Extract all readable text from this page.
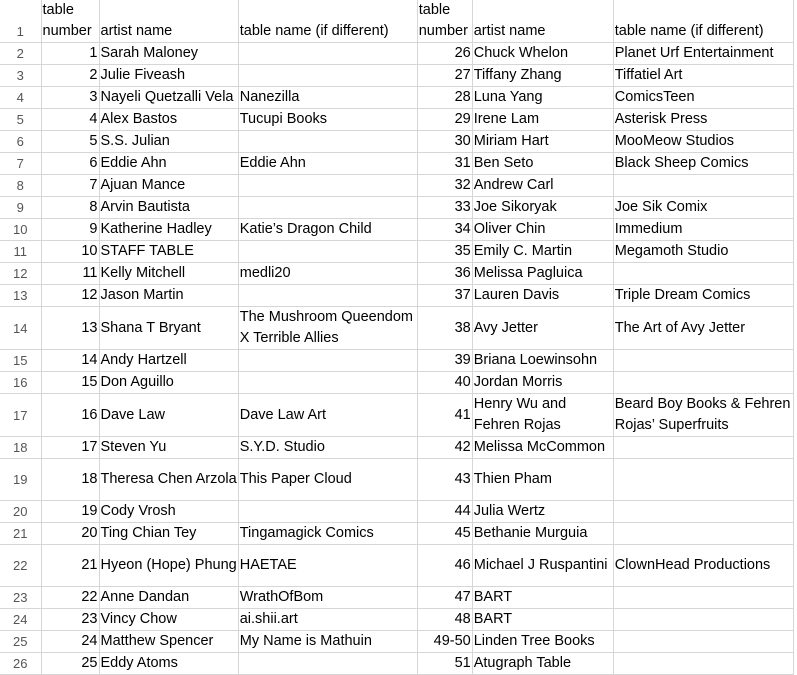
1	table number	artist name	table name (if different)	table number	artist name	table name (if different)
2	1	Sarah Maloney		26	Chuck Whelon	Planet Urf Entertainment
3	2	Julie Fiveash		27	Tiffany Zhang	Tiffatiel Art
4	3	Nayeli Quetzalli Vela	Nanezilla	28	Luna Yang	ComicsTeen
5	4	Alex Bastos	Tucupi Books	29	Irene Lam	Asterisk Press
6	5	S.S. Julian		30	Miriam Hart	MooMeow Studios
7	6	Eddie Ahn	Eddie Ahn	31	Ben Seto	Black Sheep Comics
8	7	Ajuan Mance		32	Andrew Carl	
9	8	Arvin Bautista		33	Joe Sikoryak	Joe Sik Comix
10	9	Katherine Hadley	Katie’s Dragon Child	34	Oliver Chin	Immedium
11	10	STAFF TABLE		35	Emily C. Martin	Megamoth Studio
12	11	Kelly Mitchell	medli20	36	Melissa Pagluica	
13	12	Jason Martin		37	Lauren Davis	Triple Dream Comics
14	13	Shana T Bryant	The Mushroom Queendom X Terrible Allies	38	Avy Jetter	The Art of Avy Jetter
15	14	Andy Hartzell		39	Briana Loewinsohn	
16	15	Don Aguillo		40	Jordan Morris	
17	16	Dave Law	Dave Law Art	41	Henry Wu and Fehren Rojas	Beard Boy Books & Fehren Rojas’ Superfruits
18	17	Steven Yu	S.Y.D. Studio	42	Melissa McCommon	
19	18	Theresa Chen Arzola	This Paper Cloud	43	Thien Pham	
20	19	Cody Vrosh		44	Julia Wertz	
21	20	Ting Chian Tey	Tingamagick Comics	45	Bethanie Murguia	
22	21	Hyeon (Hope) Phung	HAETAE	46	Michael J Ruspantini	ClownHead Productions
23	22	Anne Dandan	WrathOfBom	47	BART	
24	23	Vincy Chow	ai.shii.art	48	BART	
25	24	Matthew Spencer	My Name is Mathuin	49-50	Linden Tree Books	
26	25	Eddy Atoms		51	Atugraph Table	
